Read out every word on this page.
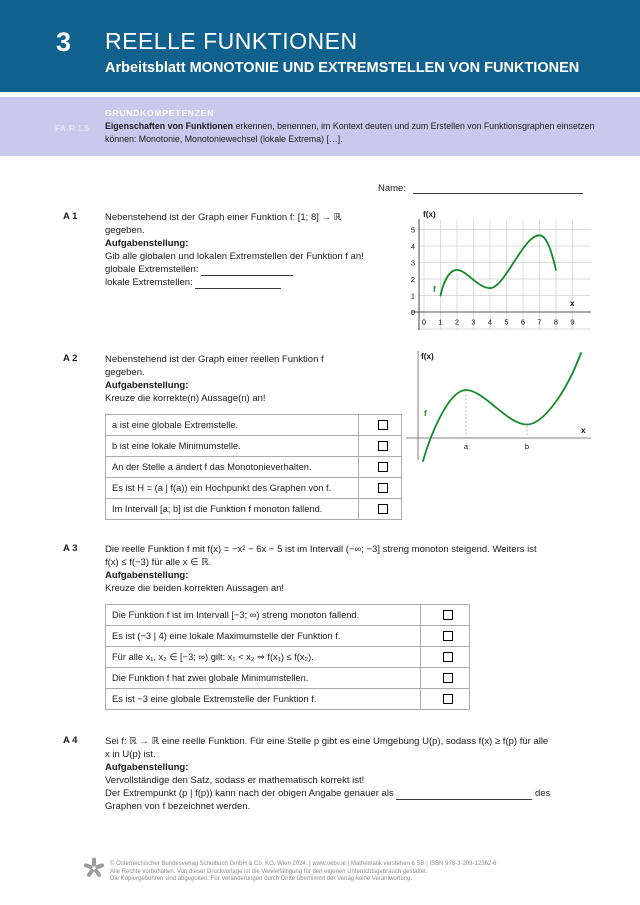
3 REELLE FUNKTIONEN
Arbeitsblatt MONOTONIE UND EXTREMSTELLEN VON FUNKTIONEN
FA-R 1.5
GRUNDKOMPETENZEN
Eigenschaften von Funktionen erkennen, benennen, im Kontext deuten und zum Erstellen von Funktionsgraphen einsetzen
können: Monotonie, Monotoniewechsel (lokale Extrema) […].
Name:
A 1	Nebenstehend ist der Graph einer Funktion f: [1; 8] → ℝ

gegeben.

Aufgabenstellung:

Gib alle globalen und lokalen Extremstellen der Funktion f an!

globale Extremstellen:

lokale Extremstellen:

5
4
3
2
1
0
0 1 2 3 4 5 6 7 8 9
f(x)
x
f
A 2	Nebenstehend ist der Graph einer reellen Funktion f

gegeben.

Aufgabenstellung:

Kreuze die korrekte(n) Aussage(n) an!

a ist eine globale Extremstelle.	
b ist eine lokale Minimumstelle.	
An der Stelle a ändert f das Monotonieverhalten.	
Es ist H = (a | f(a)) ein Hochpunkt des Graphen von f.	
Im Intervall [a; b] ist die Funktion f monoton fallend.	
f(x)
x
f
a	b
A 3	Die reelle Funktion f mit f(x) = −x² − 6x − 5 ist im Intervall (−∞; −3] streng monoton steigend. Weiters ist

f(x) ≤ f(−3) für alle x ∈ ℝ.

Aufgabenstellung:

Kreuze die beiden korrekten Aussagen an!

Die Funktion f ist im Intervall [−3; ∞) streng monoton fallend.	
Es ist (−3 | 4) eine lokale Maximumstelle der Funktion f.	
Für alle x₁, x₂ ∈ [−3; ∞) gilt: x₁ < x₂ ⇒ f(x₁) ≤ f(x₂).	
Die Funktion f hat zwei globale Minimumstellen.	
Es ist −3 eine globale Extremstelle der Funktion f.	
A 4	Sei f: ℝ → ℝ eine reelle Funktion. Für eine Stelle p gibt es eine Umgebung U(p), sodass f(x) ≥ f(p) für alle

x in U(p) ist.

Aufgabenstellung:

Vervollständige den Satz, sodass er mathematisch korrekt ist!

Der Extrempunkt (p | f(p)) kann nach der obigen Angabe genauer als	des

Graphen von f bezeichnet werden.

© Österreichischer Bundesverlag Schulbuch GmbH & Co. KG, Wien 2024. | www.oebv.at | Mathematik verstehen 6 SB | ISBN 978-3-209-12362-6
Alle Rechte vorbehalten. Von dieser Druckvorlage ist die Vervielfältigung für den eigenen Unterrichtsgebrauch gestattet.
Die Kopiergebühren sind abgegolten. Für Veränderungen durch Dritte übernimmt der Verlag keine Verantwortung.
